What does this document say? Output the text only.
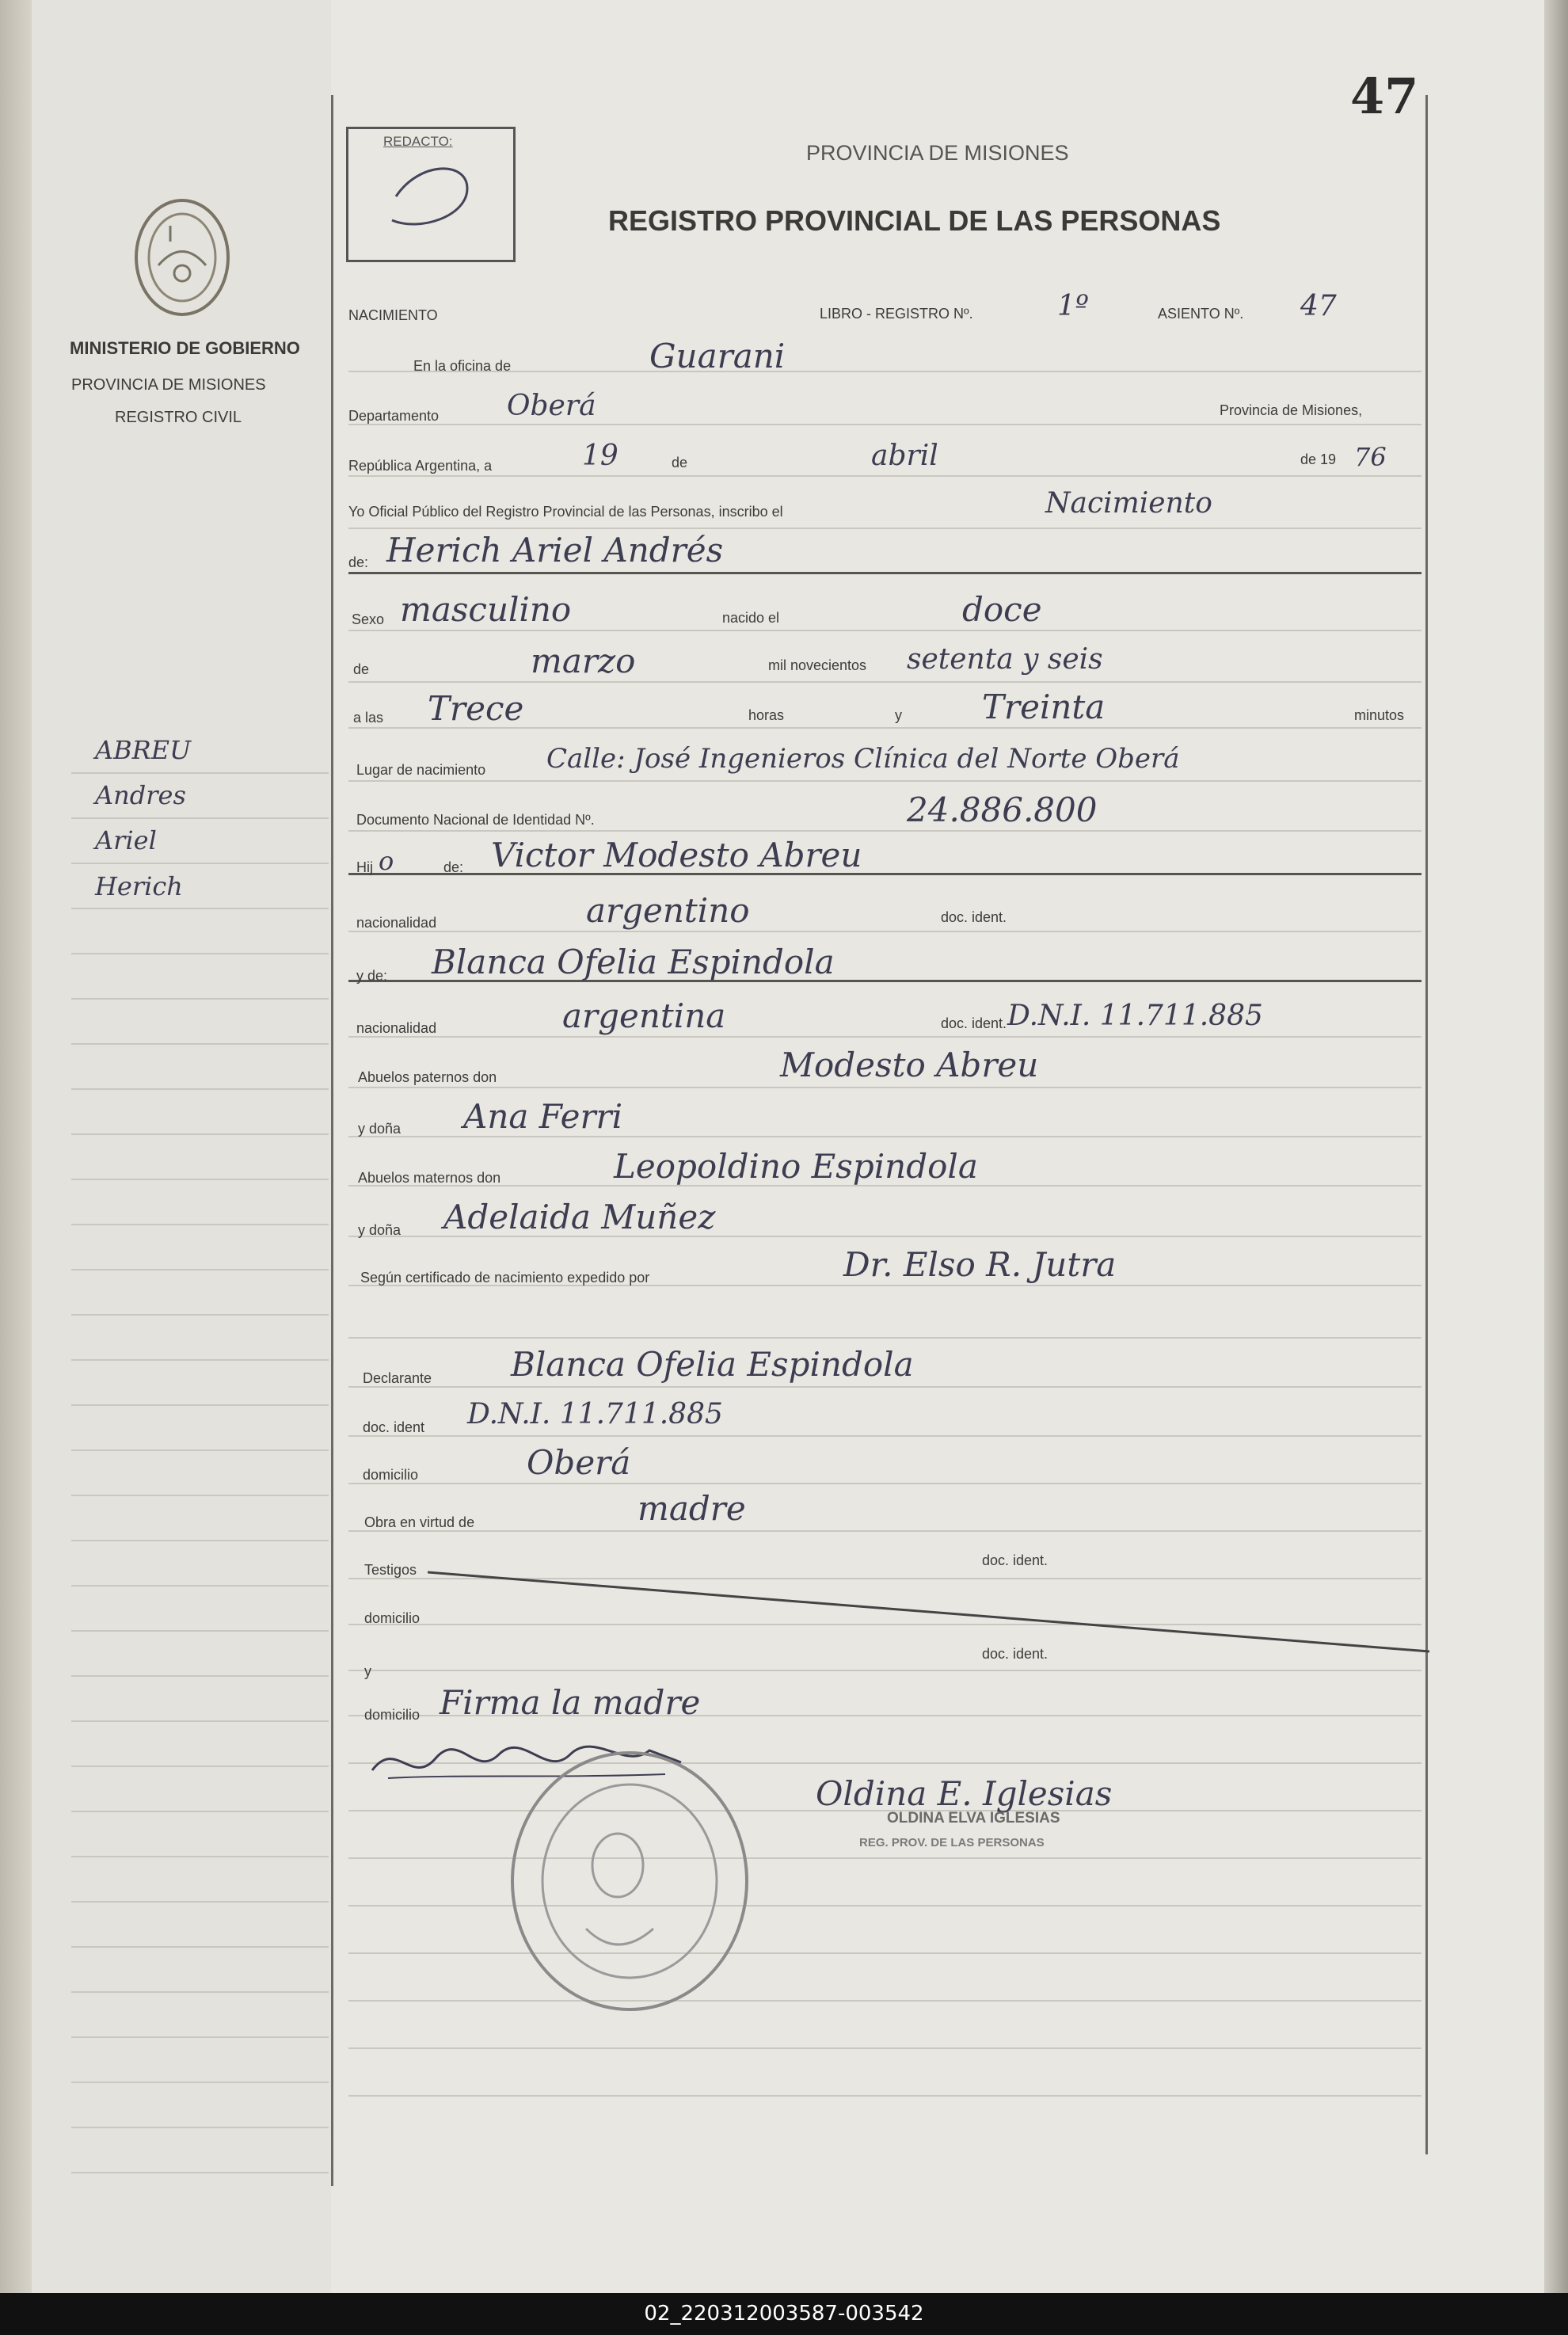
47
REDACTO:
MINISTERIO DE GOBIERNO
PROVINCIA DE MISIONES
REGISTRO CIVIL
ABREU
Andres
Ariel
Herich
PROVINCIA DE MISIONES
REGISTRO PROVINCIAL DE LAS PERSONAS
NACIMIENTO	LIBRO - REGISTRO Nº.	1º	ASIENTO Nº. 47
En la oficina de	Guarani
Departamento Oberá	Provincia de Misiones,
República Argentina, a	19	de	abril	de 19 76
Yo Oficial Público del Registro Provincial de las Personas, inscribo el	Nacimiento
de: Herich Ariel Andrés
Sexo masculino	nacido el	doce
de	marzo	mil novecientos setenta y seis
a las Trece	horas	y Treinta	minutos
Lugar de nacimiento Calle: José Ingenieros Clínica del Norte Oberá
Documento Nacional de Identidad Nº.	24.886.800
Hij o	de: Victor Modesto Abreu
nacionalidad	argentino	doc. ident.
y de: Blanca Ofelia Espindola
nacionalidad	argentina	doc. ident. D.N.I. 11.711.885
Abuelos paternos don	Modesto Abreu
y doña Ana Ferri
Abuelos maternos don	Leopoldino Espindola
y doña Adelaida Muñez
Según certificado de nacimiento expedido por	Dr. Elso R. Jutra
Declarante Blanca Ofelia Espindola
doc. ident D.N.I. 11.711.885
domicilio	Oberá
Obra en virtud de	madre
Testigos
doc. ident.
domicilio
y
doc. ident.
domicilio Firma la madre
Oldina E. Iglesias
OLDINA ELVA IGLESIAS
REG. PROV. DE LAS PERSONAS
02_220312003587-003542
